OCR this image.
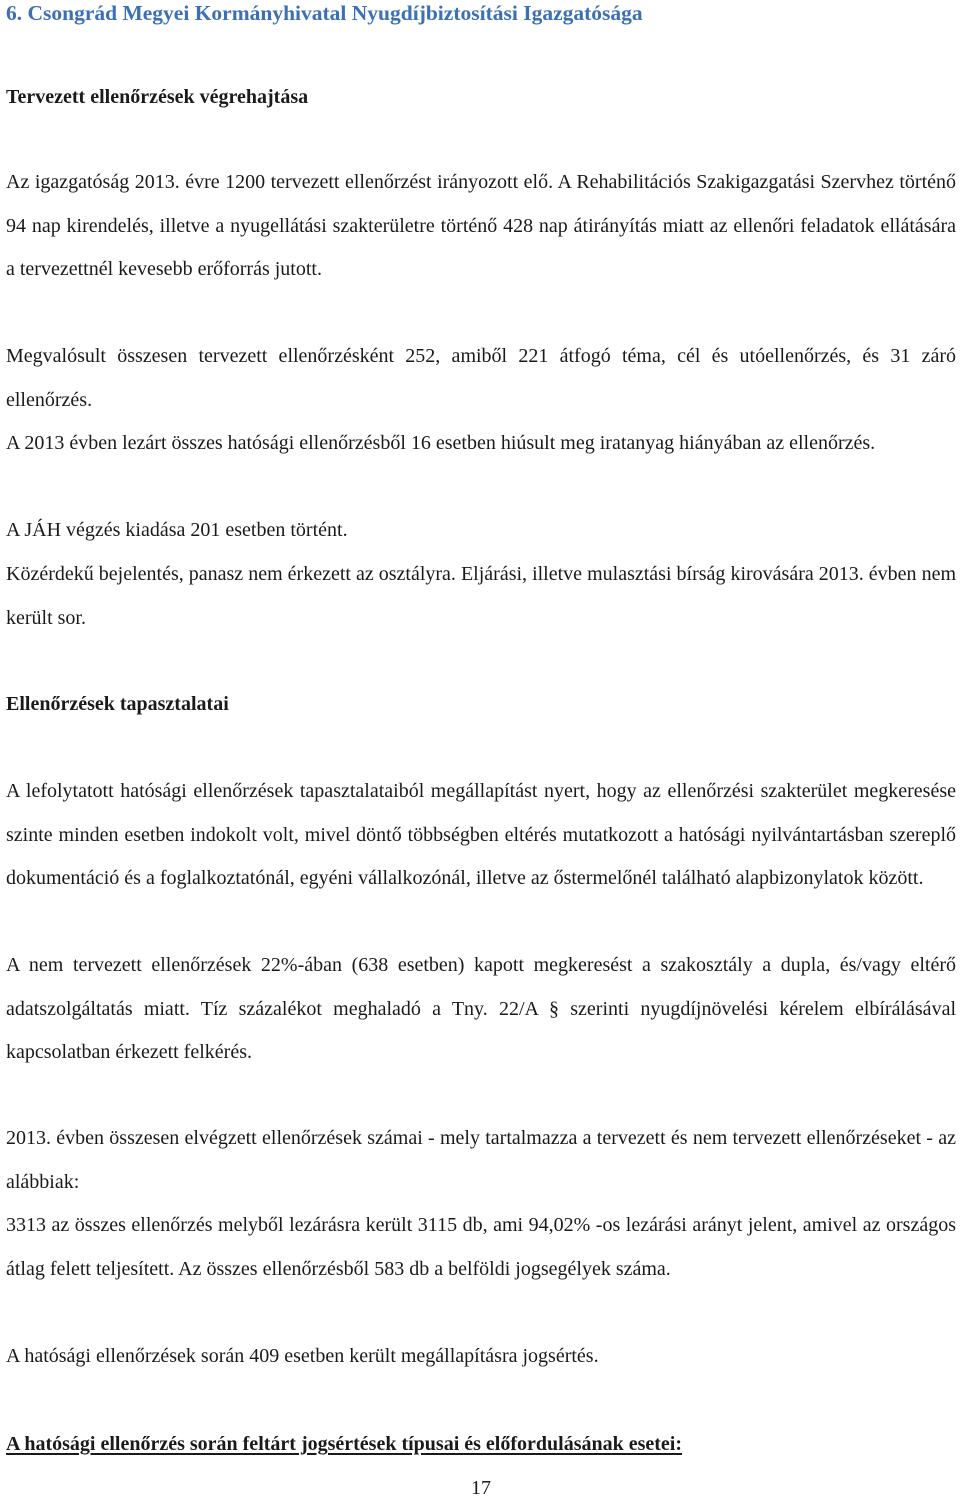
6. Csongrád Megyei Kormányhivatal Nyugdíjbiztosítási Igazgatósága
Tervezett ellenőrzések végrehajtása

Az igazgatóság 2013. évre 1200 tervezett ellenőrzést irányozott elő. A Rehabilitációs Szakigazgatási Szervhez történő 94 nap kirendelés, illetve a nyugellátási szakterületre történő 428 nap átirányítás miatt az ellenőri feladatok ellátására a tervezettnél kevesebb erőforrás jutott.

Megvalósult összesen tervezett ellenőrzésként 252, amiből 221 átfogó téma, cél és utóellenőrzés, és 31 záró ellenőrzés.

A 2013 évben lezárt összes hatósági ellenőrzésből 16 esetben hiúsult meg iratanyag hiányában az ellenőrzés.

A JÁH végzés kiadása 201 esetben történt.

Közérdekű bejelentés, panasz nem érkezett az osztályra. Eljárási, illetve mulasztási bírság kirovására 2013. évben nem került sor.

Ellenőrzések tapasztalatai

A lefolytatott hatósági ellenőrzések tapasztalataiból megállapítást nyert, hogy az ellenőrzési szakterület megkeresése szinte minden esetben indokolt volt, mivel döntő többségben eltérés mutatkozott a hatósági nyilvántartásban szereplő dokumentáció és a foglalkoztatónál, egyéni vállalkozónál, illetve az őstermelőnél található alapbizonylatok között.

A nem tervezett ellenőrzések 22%-ában (638 esetben) kapott megkeresést a szakosztály a dupla, és/vagy eltérő adatszolgáltatás miatt. Tíz százalékot meghaladó a Tny. 22/A § szerinti nyugdíjnövelési kérelem elbírálásával kapcsolatban érkezett felkérés.

2013. évben összesen elvégzett ellenőrzések számai - mely tartalmazza a tervezett és nem tervezett ellenőrzéseket - az alábbiak:

3313 az összes ellenőrzés melyből lezárásra került 3115 db, ami 94,02% -os lezárási arányt jelent, amivel az országos átlag felett teljesített. Az összes ellenőrzésből 583 db a belföldi jogsegélyek száma.

A hatósági ellenőrzések során 409 esetben került megállapításra jogsértés.

A hatósági ellenőrzés során feltárt jogsértések típusai és előfordulásának esetei:
17
